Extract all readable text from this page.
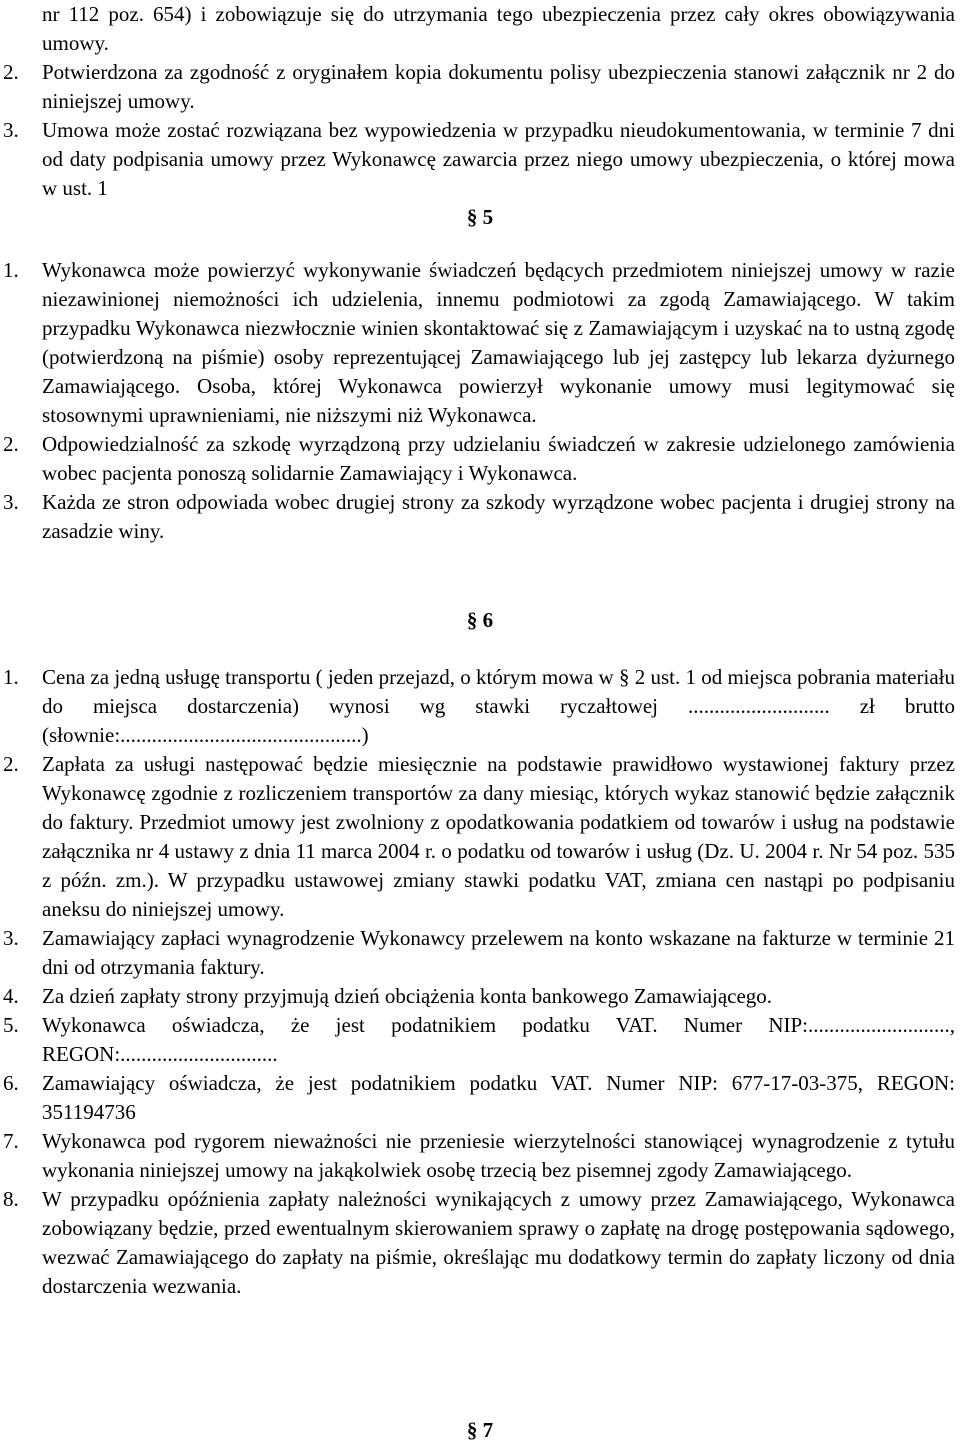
nr 112 poz. 654) i zobowiązuje się do utrzymania tego ubezpieczenia przez cały okres obowiązywania umowy.
2.	Potwierdzona za zgodność z oryginałem kopia dokumentu polisy ubezpieczenia stanowi załącznik nr 2 do niniejszej umowy.
3.	Umowa może zostać rozwiązana bez wypowiedzenia w przypadku nieudokumentowania, w terminie 7 dni od daty podpisania umowy przez Wykonawcę zawarcia przez niego umowy ubezpieczenia, o której mowa w ust. 1
§ 5
1.	Wykonawca może powierzyć wykonywanie świadczeń będących przedmiotem niniejszej umowy w razie niezawinionej niemożności ich udzielenia, innemu podmiotowi za zgodą Zamawiającego. W takim przypadku Wykonawca niezwłocznie winien skontaktować się z Zamawiającym i uzyskać na to ustną zgodę (potwierdzoną na piśmie) osoby reprezentującej Zamawiającego lub jej zastępcy lub lekarza dyżurnego Zamawiającego. Osoba, której Wykonawca powierzył wykonanie umowy musi legitymować się stosownymi uprawnieniami, nie niższymi niż Wykonawca.
2.	Odpowiedzialność za szkodę wyrządzoną przy udzielaniu świadczeń w zakresie udzielonego zamówienia wobec pacjenta ponoszą solidarnie Zamawiający i Wykonawca.
3.	Każda ze stron odpowiada wobec drugiej strony za szkody wyrządzone wobec pacjenta i drugiej strony na zasadzie winy.
§ 6
1.	Cena za jedną usługę transportu ( jeden przejazd, o którym mowa w § 2 ust. 1 od miejsca pobrania materiału do miejsca dostarczenia) wynosi wg stawki ryczałtowej ........................... zł brutto (słownie:..............................................)
2.	Zapłata za usługi następować będzie miesięcznie na podstawie prawidłowo wystawionej faktury przez Wykonawcę zgodnie z rozliczeniem transportów za dany miesiąc, których wykaz stanowić będzie załącznik do faktury. Przedmiot umowy jest zwolniony z opodatkowania podatkiem od towarów i usług na podstawie załącznika nr 4 ustawy z dnia 11 marca 2004 r. o podatku od towarów i usług (Dz. U. 2004 r. Nr 54 poz. 535 z późn. zm.). W przypadku ustawowej zmiany stawki podatku VAT, zmiana cen nastąpi po podpisaniu aneksu do niniejszej umowy.
3.	Zamawiający zapłaci wynagrodzenie Wykonawcy przelewem na konto wskazane na fakturze w terminie 21 dni od otrzymania faktury.
4.	Za dzień zapłaty strony przyjmują dzień obciążenia konta bankowego Zamawiającego.
5.	Wykonawca oświadcza, że jest podatnikiem podatku VAT. Numer NIP:..........................., REGON:..............................
6.	Zamawiający oświadcza, że jest podatnikiem podatku VAT. Numer NIP: 677-17-03-375, REGON: 351194736
7.	Wykonawca pod rygorem nieważności nie przeniesie wierzytelności stanowiącej wynagrodzenie z tytułu wykonania niniejszej umowy na jakąkolwiek osobę trzecią bez pisemnej zgody Zamawiającego.
8.	W przypadku opóźnienia zapłaty należności wynikających z umowy przez Zamawiającego, Wykonawca zobowiązany będzie, przed ewentualnym skierowaniem sprawy o zapłatę na drogę postępowania sądowego, wezwać Zamawiającego do zapłaty na piśmie, określając mu dodatkowy termin do zapłaty liczony od dnia dostarczenia wezwania.
§ 7
